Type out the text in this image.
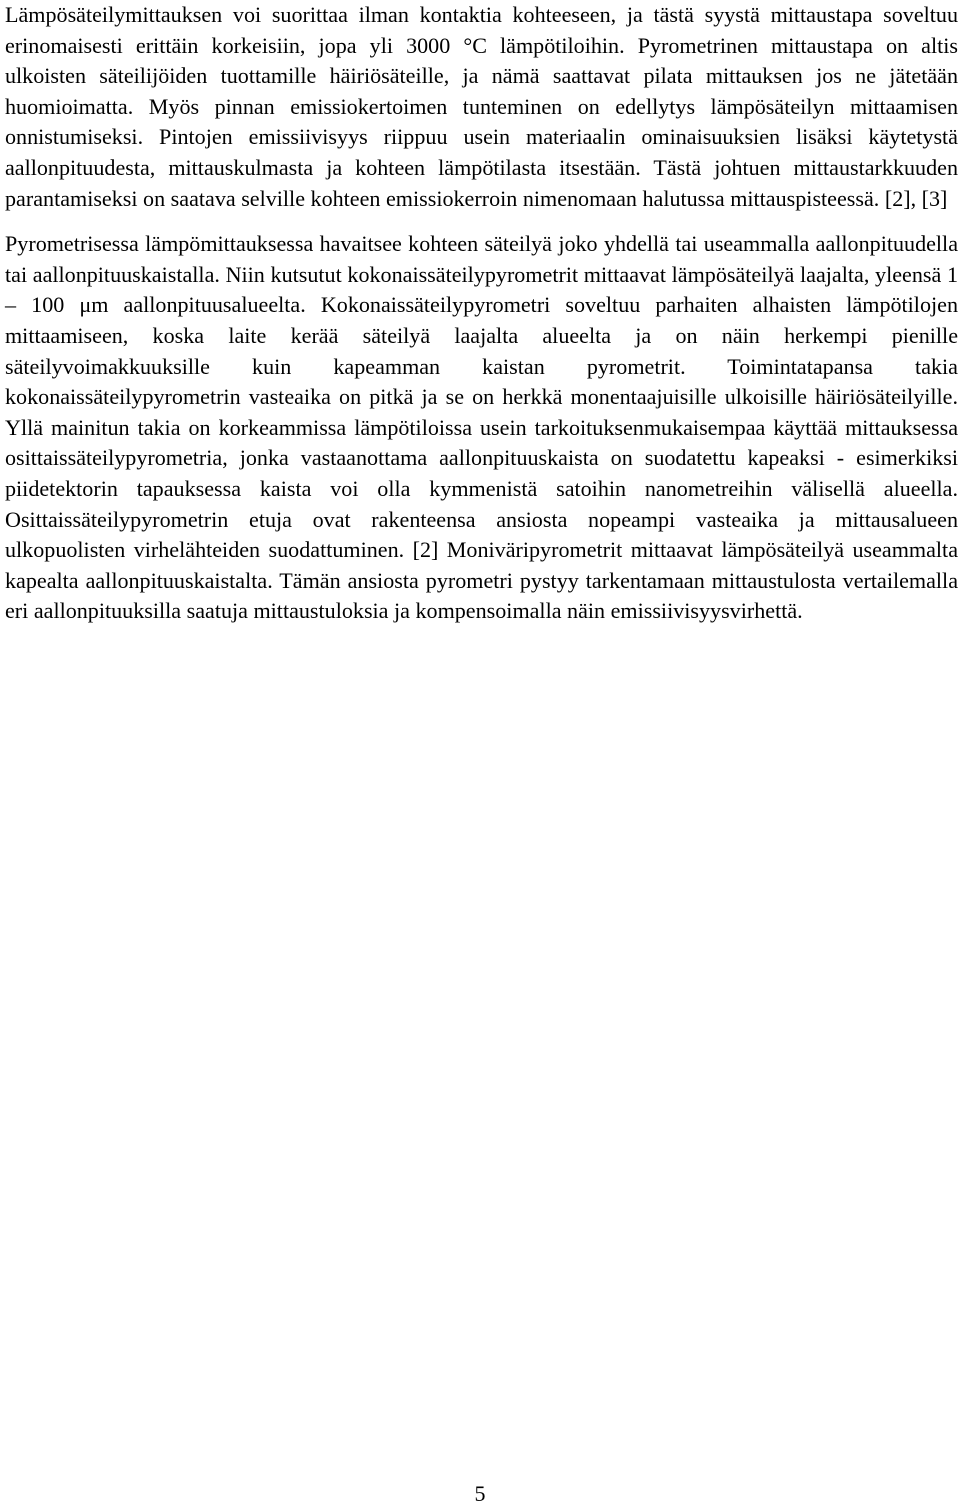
Lämpösäteilymittauksen voi suorittaa ilman kontaktia kohteeseen, ja tästä syystä mittaustapa soveltuu erinomaisesti erittäin korkeisiin, jopa yli 3000 °C lämpötiloihin. Pyrometrinen mittaustapa on altis ulkoisten säteilijöiden tuottamille häiriösäteille, ja nämä saattavat pilata mittauksen jos ne jätetään huomioimatta. Myös pinnan emissiokertoimen tunteminen on edellytys lämpösäteilyn mittaamisen onnistumiseksi. Pintojen emissiivisyys riippuu usein materiaalin ominaisuuksien lisäksi käytetystä aallonpituudesta, mittauskulmasta ja kohteen lämpötilasta itsestään. Tästä johtuen mittaustarkkuuden parantamiseksi on saatava selville kohteen emissiokerroin nimenomaan halutussa mittauspisteessä. [2], [3]

Pyrometrisessa lämpömittauksessa havaitsee kohteen säteilyä joko yhdellä tai useammalla aallonpituudella tai aallonpituuskaistalla. Niin kutsutut kokonaissäteilypyrometrit mittaavat lämpösäteilyä laajalta, yleensä 1 – 100 μm aallonpituusalueelta. Kokonaissäteilypyrometri soveltuu parhaiten alhaisten lämpötilojen mittaamiseen, koska laite kerää säteilyä laajalta alueelta ja on näin herkempi pienille säteilyvoimakkuuksille kuin kapeamman kaistan pyrometrit. Toimintatapansa takia kokonaissäteilypyrometrin vasteaika on pitkä ja se on herkkä monentaajuisille ulkoisille häiriösäteilyille. Yllä mainitun takia on korkeammissa lämpötiloissa usein tarkoituksenmukaisempaa käyttää mittauksessa osittaissäteilypyrometria, jonka vastaanottama aallonpituuskaista on suodatettu kapeaksi - esimerkiksi piidetektorin tapauksessa kaista voi olla kymmenistä satoihin nanometreihin välisellä alueella. Osittaissäteilypyrometrin etuja ovat rakenteensa ansiosta nopeampi vasteaika ja mittausalueen ulkopuolisten virhelähteiden suodattuminen. [2] Moniväripyrometrit mittaavat lämpösäteilyä useammalta kapealta aallonpituuskaistalta. Tämän ansiosta pyrometri pystyy tarkentamaan mittaustulosta vertailemalla eri aallonpituuksilla saatuja mittaustuloksia ja kompensoimalla näin emissiivisyysvirhettä.

5
